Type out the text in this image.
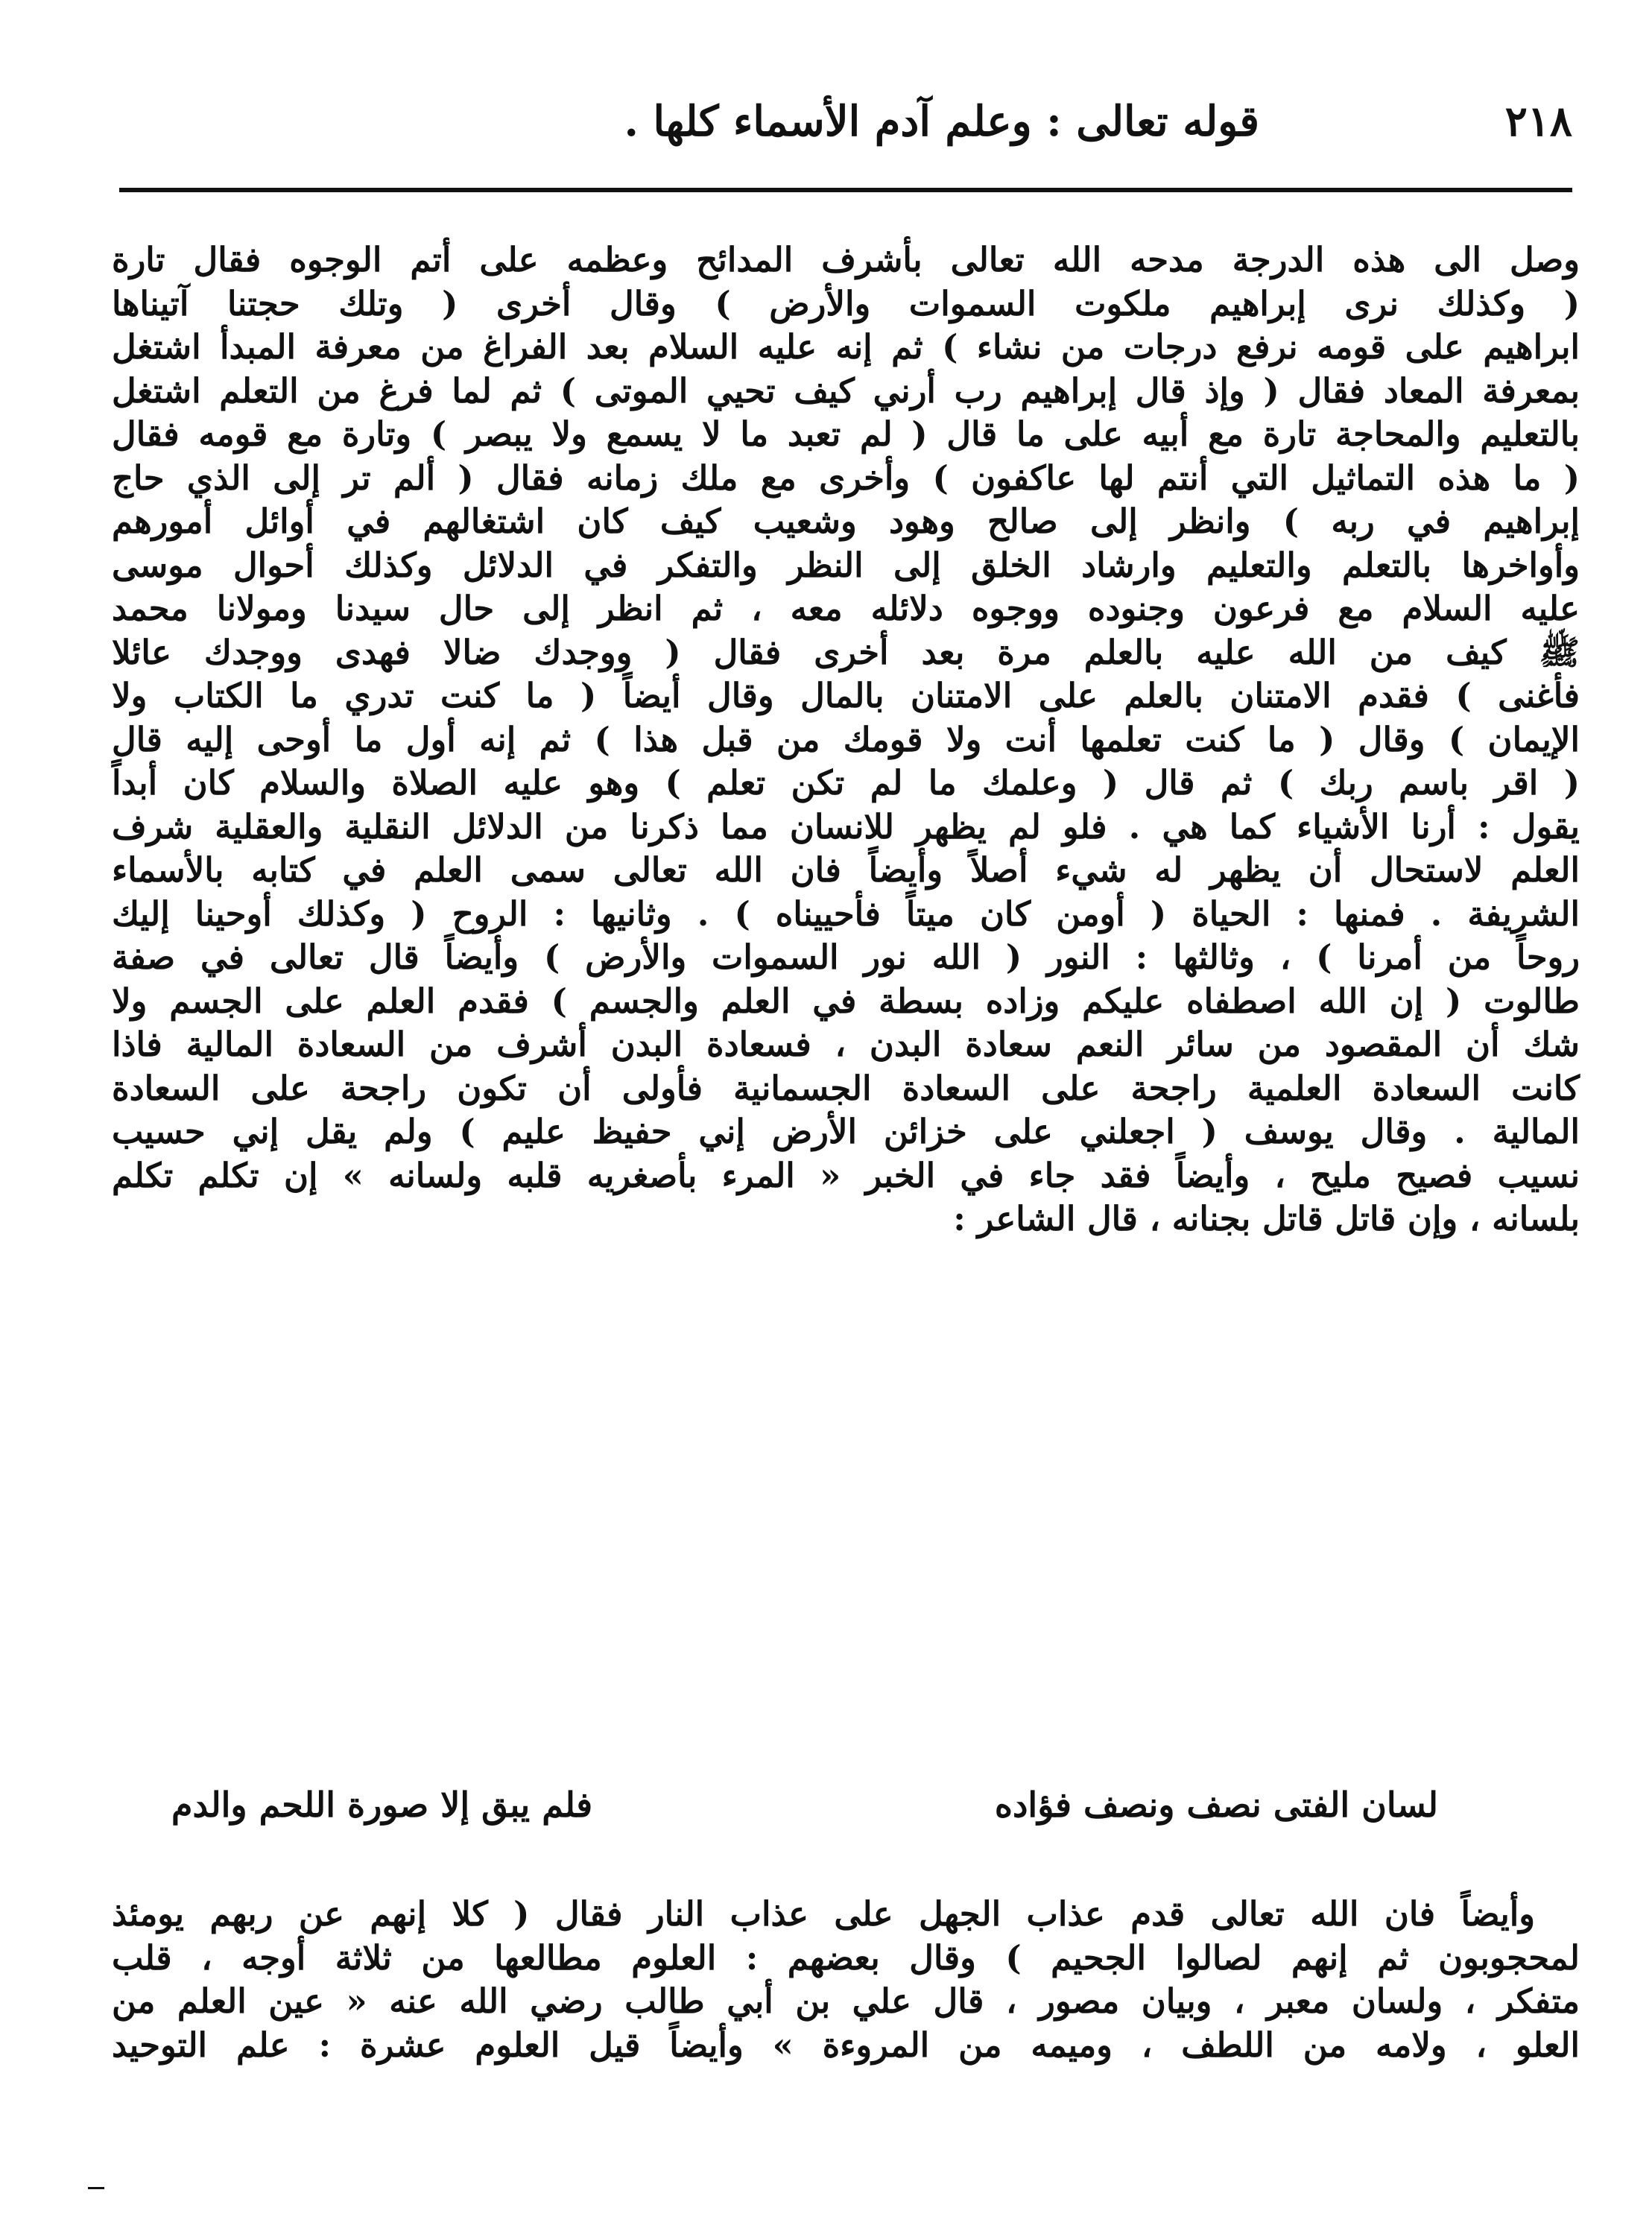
٢١٨
قوله تعالى : وعلم آدم الأسماء كلها .
وصل الى هذه الدرجة مدحه الله تعالى بأشرف المدائح وعظمه على أتم الوجوه فقال تارة
( وكذلك نرى إبراهيم ملكوت السموات والأرض ) وقال أخرى ( وتلك حجتنا آتيناها
ابراهيم على قومه نرفع درجات من نشاء ) ثم إنه عليه السلام بعد الفراغ من معرفة المبدأ اشتغل
بمعرفة المعاد فقال ( وإذ قال إبراهيم رب أرني كيف تحيي الموتى ) ثم لما فرغ من التعلم اشتغل
بالتعليم والمحاجة تارة مع أبيه على ما قال ( لم تعبد ما لا يسمع ولا يبصر ) وتارة مع قومه فقال
( ما هذه التماثيل التي أنتم لها عاكفون ) وأخرى مع ملك زمانه فقال ( ألم تر إلى الذي حاج
إبراهيم في ربه ) وانظر إلى صالح وهود وشعيب كيف كان اشتغالهم في أوائل أمورهم
وأواخرها بالتعلم والتعليم وارشاد الخلق إلى النظر والتفكر في الدلائل وكذلك أحوال موسى
عليه السلام مع فرعون وجنوده ووجوه دلائله معه ، ثم انظر إلى حال سيدنا ومولانا محمد
ﷺ كيف من الله عليه بالعلم مرة بعد أخرى فقال ( ووجدك ضالا فهدى ووجدك عائلا
فأغنى ) فقدم الامتنان بالعلم على الامتنان بالمال وقال أيضاً ( ما كنت تدري ما الكتاب ولا
الإيمان ) وقال ( ما كنت تعلمها أنت ولا قومك من قبل هذا ) ثم إنه أول ما أوحى إليه قال
( اقر باسم ربك ) ثم قال ( وعلمك ما لم تكن تعلم ) وهو عليه الصلاة والسلام كان أبداً
يقول : أرنا الأشياء كما هي . فلو لم يظهر للانسان مما ذكرنا من الدلائل النقلية والعقلية شرف
العلم لاستحال أن يظهر له شيء أصلاً وأيضاً فان الله تعالى سمى العلم في كتابه بالأسماء
الشريفة . فمنها : الحياة ( أومن كان ميتاً فأحييناه ) . وثانيها : الروح ( وكذلك أوحينا إليك
روحاً من أمرنا ) ، وثالثها : النور ( الله نور السموات والأرض ) وأيضاً قال تعالى في صفة
طالوت ( إن الله اصطفاه عليكم وزاده بسطة في العلم والجسم ) فقدم العلم على الجسم ولا
شك أن المقصود من سائر النعم سعادة البدن ، فسعادة البدن أشرف من السعادة المالية فاذا
كانت السعادة العلمية راجحة على السعادة الجسمانية فأولى أن تكون راجحة على السعادة
المالية . وقال يوسف ( اجعلني على خزائن الأرض إني حفيظ عليم ) ولم يقل إني حسيب
نسيب فصيح مليح ، وأيضاً فقد جاء في الخبر « المرء بأصغريه قلبه ولسانه » إن تكلم تكلم
بلسانه ، وإن قاتل قاتل بجنانه ، قال الشاعر :
لسان الفتى نصف ونصف فؤاده
فلم يبق إلا صورة اللحم والدم
وأيضاً فان الله تعالى قدم عذاب الجهل على عذاب النار فقال ( كلا إنهم عن ربهم يومئذ
لمحجوبون ثم إنهم لصالوا الجحيم ) وقال بعضهم : العلوم مطالعها من ثلاثة أوجه ، قلب
متفكر ، ولسان معبر ، وبيان مصور ، قال علي بن أبي طالب رضي الله عنه « عين العلم من
العلو ، ولامه من اللطف ، وميمه من المروءة » وأيضاً قيل العلوم عشرة : علم التوحيد
